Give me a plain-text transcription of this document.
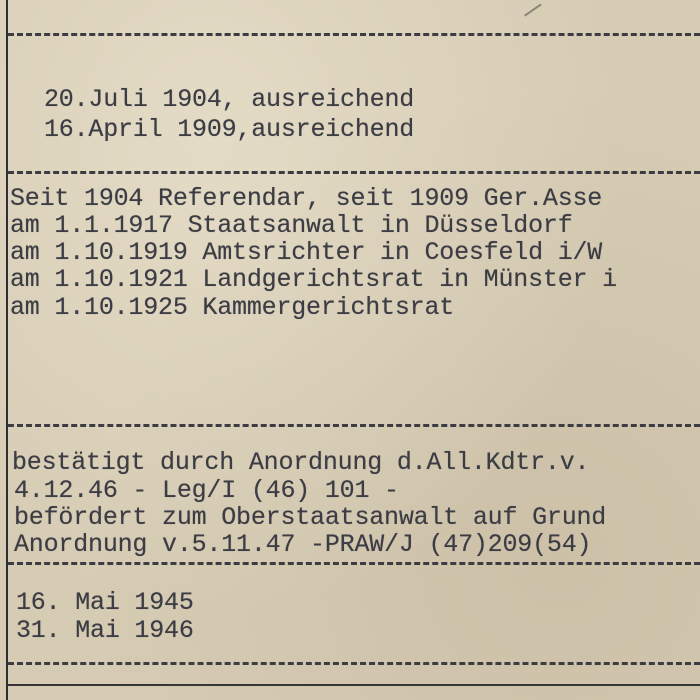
20.Juli 1904, ausreichend
16.April 1909,ausreichend
Seit 1904 Referendar, seit 1909 Ger.Asse
am 1.1.1917 Staatsanwalt in Düsseldorf
am 1.10.1919 Amtsrichter in Coesfeld i/W
am 1.10.1921 Landgerichtsrat in Münster i
am 1.10.1925 Kammergerichtsrat
bestätigt durch Anordnung d.All.Kdtr.v.
4.12.46 - Leg/I (46) 101 -
befördert zum Oberstaatsanwalt auf Grund
Anordnung v.5.11.47 -PRAW/J (47)209(54)
16. Mai 1945
31. Mai 1946
